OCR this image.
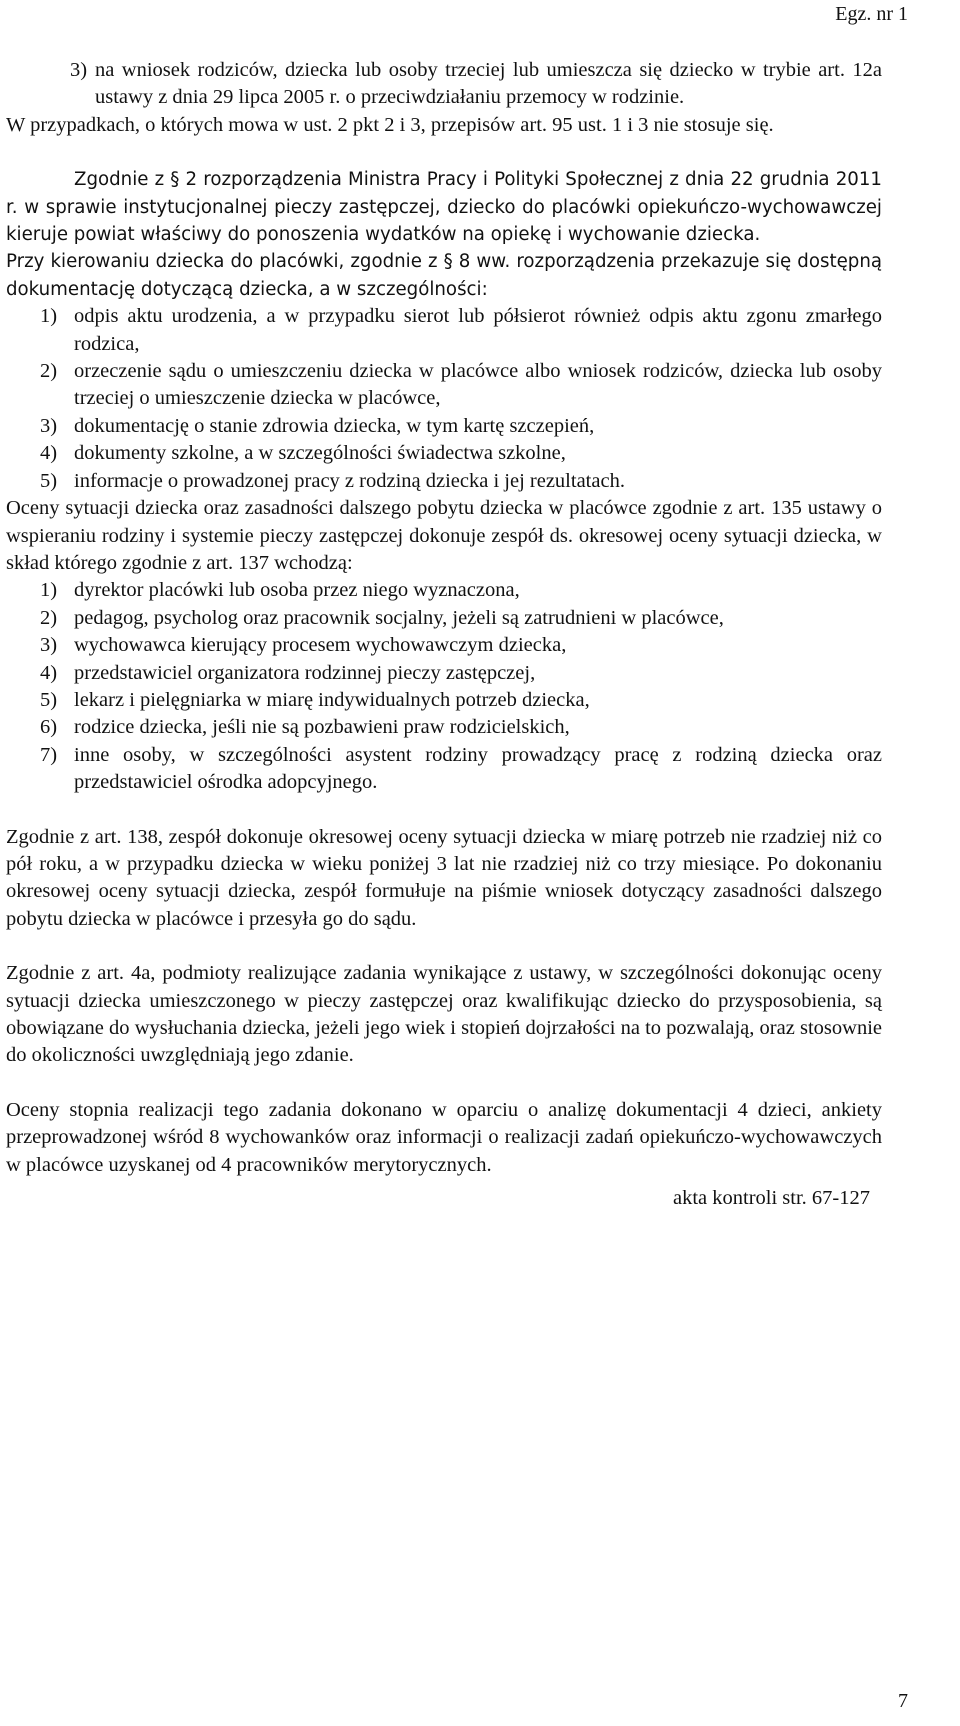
Egz. nr 1
3) na wniosek rodziców, dziecka lub osoby trzeciej lub umieszcza się dziecko w trybie art. 12a ustawy z dnia 29 lipca 2005 r. o przeciwdziałaniu przemocy w rodzinie.

W przypadkach, o których mowa w ust. 2 pkt 2 i 3, przepisów art. 95 ust. 1 i 3 nie stosuje się.

Zgodnie z § 2 rozporządzenia Ministra Pracy i Polityki Społecznej z dnia 22 grudnia 2011 r. w sprawie instytucjonalnej pieczy zastępczej, dziecko do placówki opiekuńczo-wychowawczej kieruje powiat właściwy do ponoszenia wydatków na opiekę i wychowanie dziecka.

Przy kierowaniu dziecka do placówki, zgodnie z § 8 ww. rozporządzenia przekazuje się dostępną dokumentację dotyczącą dziecka, a w szczególności:

1) odpis aktu urodzenia, a w przypadku sierot lub półsierot również odpis aktu zgonu zmarłego rodzica,
2) orzeczenie sądu o umieszczeniu dziecka w placówce albo wniosek rodziców, dziecka lub osoby trzeciej o umieszczenie dziecka w placówce,
3) dokumentację o stanie zdrowia dziecka, w tym kartę szczepień,
4) dokumenty szkolne, a w szczególności świadectwa szkolne,
5) informacje o prowadzonej pracy z rodziną dziecka i jej rezultatach.

Oceny sytuacji dziecka oraz zasadności dalszego pobytu dziecka w placówce zgodnie z art. 135 ustawy o wspieraniu rodziny i systemie pieczy zastępczej dokonuje zespół ds. okresowej oceny sytuacji dziecka, w skład którego zgodnie z art. 137 wchodzą:

1) dyrektor placówki lub osoba przez niego wyznaczona,
2) pedagog, psycholog oraz pracownik socjalny, jeżeli są zatrudnieni w placówce,
3) wychowawca kierujący procesem wychowawczym dziecka,
4) przedstawiciel organizatora rodzinnej pieczy zastępczej,
5) lekarz i pielęgniarka w miarę indywidualnych potrzeb dziecka,
6) rodzice dziecka, jeśli nie są pozbawieni praw rodzicielskich,
7) inne osoby, w szczególności asystent rodziny prowadzący pracę z rodziną dziecka oraz przedstawiciel ośrodka adopcyjnego.

Zgodnie z art. 138, zespół dokonuje okresowej oceny sytuacji dziecka w miarę potrzeb nie rzadziej niż co pół roku, a w przypadku dziecka w wieku poniżej 3 lat nie rzadziej niż co trzy miesiące. Po dokonaniu okresowej oceny sytuacji dziecka, zespół formułuje na piśmie wniosek dotyczący zasadności dalszego pobytu dziecka w placówce i przesyła go do sądu.

Zgodnie z art. 4a, podmioty realizujące zadania wynikające z ustawy, w szczególności dokonując oceny sytuacji dziecka umieszczonego w pieczy zastępczej oraz kwalifikując dziecko do przysposobienia, są obowiązane do wysłuchania dziecka, jeżeli jego wiek i stopień dojrzałości na to pozwalają, oraz stosownie do okoliczności uwzględniają jego zdanie.

Oceny stopnia realizacji tego zadania dokonano w oparciu o analizę dokumentacji 4 dzieci, ankiety przeprowadzonej wśród 8 wychowanków oraz informacji o realizacji zadań opiekuńczo-wychowawczych w placówce uzyskanej od 4 pracowników merytorycznych.

akta kontroli str. 67-127
7
